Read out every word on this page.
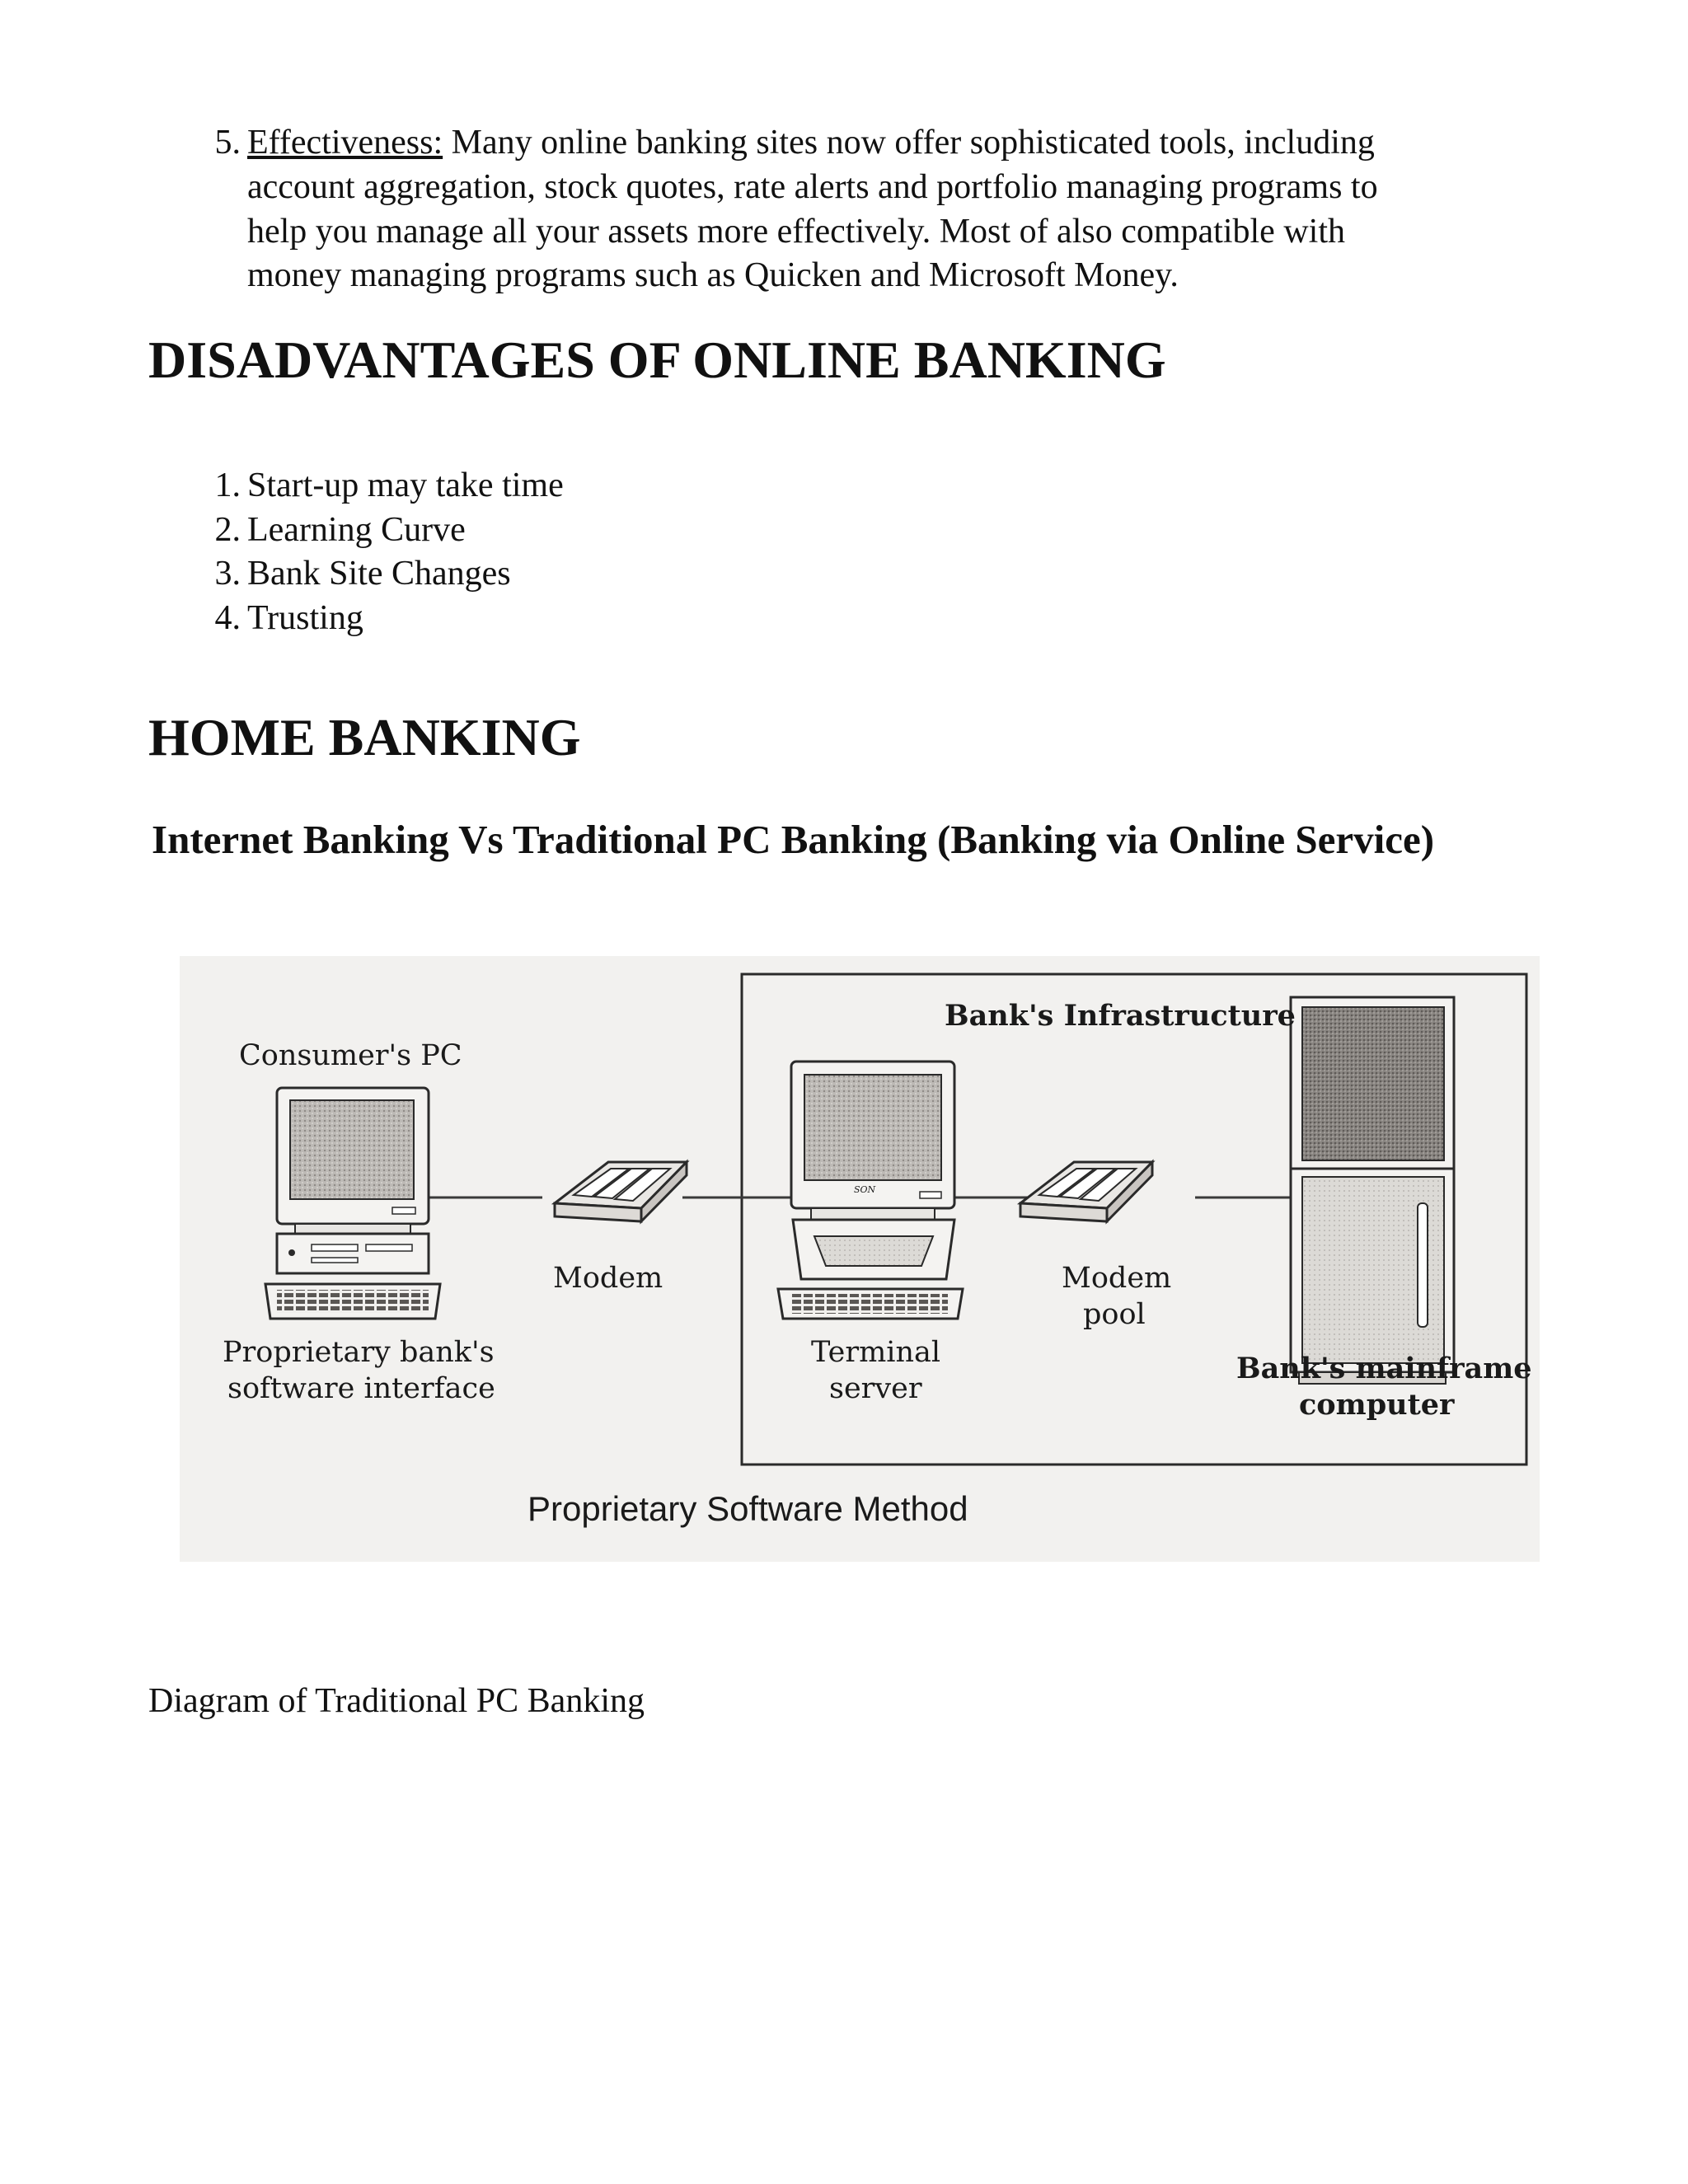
5. Effectiveness: Many online banking sites now offer sophisticated tools, including
account aggregation, stock quotes, rate alerts and portfolio managing programs to
help you manage all your assets more effectively. Most of also compatible with
money managing programs such as Quicken and Microsoft Money.
DISADVANTAGES OF ONLINE BANKING
1. Start-up may take time
2. Learning Curve
3. Bank Site Changes
4. Trusting
HOME BANKING
Internet Banking Vs Traditional PC Banking (Banking via Online Service)
Bank's Infrastructure
Consumer's PC
Modem	Modem
pool
Proprietary bank's
software interface
Terminal
server
Bank's mainframe
computer
Proprietary Software Method
SON
Diagram of Traditional PC Banking
